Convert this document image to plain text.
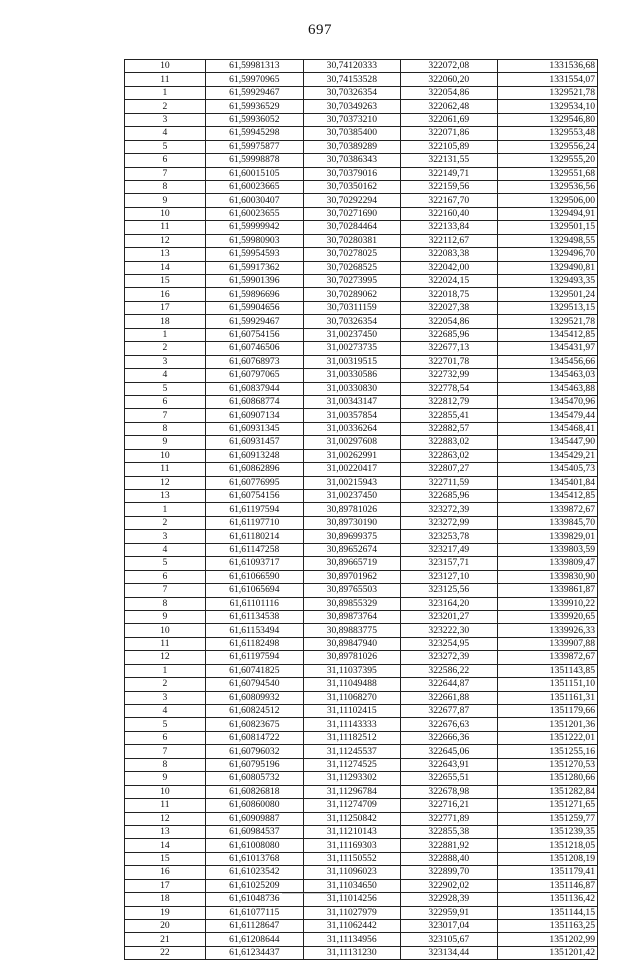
697
10	61,59981313	30,74120333	322072,08	1331536,68
11	61,59970965	30,74153528	322060,20	1331554,07
1	61,59929467	30,70326354	322054,86	1329521,78
2	61,59936529	30,70349263	322062,48	1329534,10
3	61,59936052	30,70373210	322061,69	1329546,80
4	61,59945298	30,70385400	322071,86	1329553,48
5	61,59975877	30,70389289	322105,89	1329556,24
6	61,59998878	30,70386343	322131,55	1329555,20
7	61,60015105	30,70379016	322149,71	1329551,68
8	61,60023665	30,70350162	322159,56	1329536,56
9	61,60030407	30,70292294	322167,70	1329506,00
10	61,60023655	30,70271690	322160,40	1329494,91
11	61,59999942	30,70284464	322133,84	1329501,15
12	61,59980903	30,70280381	322112,67	1329498,55
13	61,59954593	30,70278025	322083,38	1329496,70
14	61,59917362	30,70268525	322042,00	1329490,81
15	61,59901396	30,70273995	322024,15	1329493,35
16	61,59896696	30,70289062	322018,75	1329501,24
17	61,59904656	30,70311159	322027,38	1329513,15
18	61,59929467	30,70326354	322054,86	1329521,78
1	61,60754156	31,00237450	322685,96	1345412,85
2	61,60746506	31,00273735	322677,13	1345431,97
3	61,60768973	31,00319515	322701,78	1345456,66
4	61,60797065	31,00330586	322732,99	1345463,03
5	61,60837944	31,00330830	322778,54	1345463,88
6	61,60868774	31,00343147	322812,79	1345470,96
7	61,60907134	31,00357854	322855,41	1345479,44
8	61,60931345	31,00336264	322882,57	1345468,41
9	61,60931457	31,00297608	322883,02	1345447,90
10	61,60913248	31,00262991	322863,02	1345429,21
11	61,60862896	31,00220417	322807,27	1345405,73
12	61,60776995	31,00215943	322711,59	1345401,84
13	61,60754156	31,00237450	322685,96	1345412,85
1	61,61197594	30,89781026	323272,39	1339872,67
2	61,61197710	30,89730190	323272,99	1339845,70
3	61,61180214	30,89699375	323253,78	1339829,01
4	61,61147258	30,89652674	323217,49	1339803,59
5	61,61093717	30,89665719	323157,71	1339809,47
6	61,61066590	30,89701962	323127,10	1339830,90
7	61,61065694	30,89765503	323125,56	1339861,87
8	61,61101116	30,89855329	323164,20	1339910,22
9	61,61134538	30,89873764	323201,27	1339920,65
10	61,61153494	30,89883775	323222,30	1339926,33
11	61,61182498	30,89847940	323254,95	1339907,88
12	61,61197594	30,89781026	323272,39	1339872,67
1	61,60741825	31,11037395	322586,22	1351143,85
2	61,60794540	31,11049488	322644,87	1351151,10
3	61,60809932	31,11068270	322661,88	1351161,31
4	61,60824512	31,11102415	322677,87	1351179,66
5	61,60823675	31,11143333	322676,63	1351201,36
6	61,60814722	31,11182512	322666,36	1351222,01
7	61,60796032	31,11245537	322645,06	1351255,16
8	61,60795196	31,11274525	322643,91	1351270,53
9	61,60805732	31,11293302	322655,51	1351280,66
10	61,60826818	31,11296784	322678,98	1351282,84
11	61,60860080	31,11274709	322716,21	1351271,65
12	61,60909887	31,11250842	322771,89	1351259,77
13	61,60984537	31,11210143	322855,38	1351239,35
14	61,61008080	31,11169303	322881,92	1351218,05
15	61,61013768	31,11150552	322888,40	1351208,19
16	61,61023542	31,11096023	322899,70	1351179,41
17	61,61025209	31,11034650	322902,02	1351146,87
18	61,61048736	31,11014256	322928,39	1351136,42
19	61,61077115	31,11027979	322959,91	1351144,15
20	61,61128647	31,11062442	323017,04	1351163,25
21	61,61208644	31,11134956	323105,67	1351202,99
22	61,61234437	31,11131230	323134,44	1351201,42
